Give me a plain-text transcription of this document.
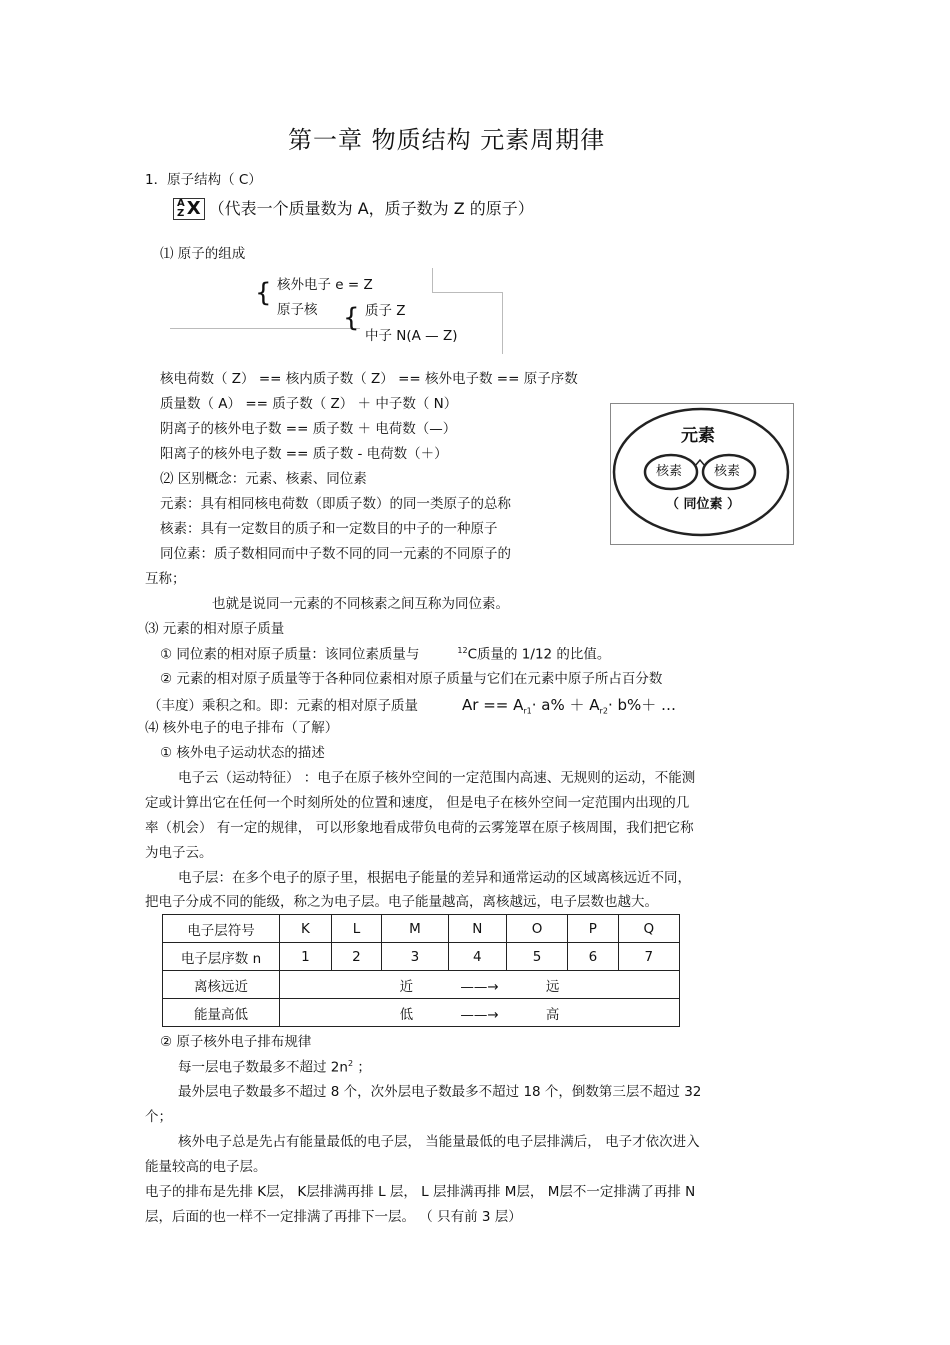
第一章 物质结构 元素周期律
1．原子结构（ C）
A
Z X （代表一个质量数为 A，质子数为 Z 的原子）
⑴ 原子的组成
{ 核外电子 e = Z
原子核 { 质子 Z
中子 N(A — Z)
核电荷数（ Z） == 核内质子数（ Z） == 核外电子数 == 原子序数
质量数（ A） == 质子数（ Z） ＋ 中子数（ N）
阴离子的核外电子数 == 质子数 ＋ 电荷数（—）
阳离子的核外电子数 == 质子数 - 电荷数（＋）
⑵ 区别概念：元素、核素、同位素
元素：具有相同核电荷数（即质子数）的同一类原子的总称
核素：具有一定数目的质子和一定数目的中子的一种原子
同位素：质子数相同而中子数不同的同一元素的不同原子的
互称；
也就是说同一元素的不同核素之间互称为同位素。
元素
核素 核素
（ 同位素 ）
⑶ 元素的相对原子质量
① 同位素的相对原子质量：该同位素质量与	$^{12}$C质量的 1/12 的比值。
② 元素的相对原子质量等于各种同位素相对原子质量与它们在元素中原子所占百分数
（丰度）乘积之和。即：元素的相对原子质量	$Ar == A_{r1}\cdot a\% + A_{r2}\cdot b\%+$ …
⑷ 核外电子的电子排布（了解）
① 核外电子运动状态的描述
电子云（运动特征） ：电子在原子核外空间的一定范围内高速、无规则的运动，不能测
定或计算出它在任何一个时刻所处的位置和速度， 但是电子在核外空间一定范围内出现的几
率（机会） 有一定的规律， 可以形象地看成带负电荷的云雾笼罩在原子核周围，我们把它称
为电子云。
电子层：在多个电子的原子里，根据电子能量的差异和通常运动的区域离核远近不同，
把电子分成不同的能级，称之为电子层。电子能量越高，离核越远，电子层数也越大。
电子层符号	K	L	M	N	O	P	Q
电子层序数 n	1	2	3	4	5	6	7
离核远近	近           ——→           远						
能量高低	低           ——→           高						
② 原子核外电子排布规律
每一层电子数最多不超过 $2n^2$ ；
最外层电子数最多不超过 8 个，次外层电子数最多不超过 18 个，倒数第三层不超过 32
个；
核外电子总是先占有能量最低的电子层， 当能量最低的电子层排满后， 电子才依次进入
能量较高的电子层。
电子的排布是先排 K层， K层排满再排 L 层， L 层排满再排 M层， M层不一定排满了再排 N
层，后面的也一样不一定排满了再排下一层。 （ 只有前 3 层）
